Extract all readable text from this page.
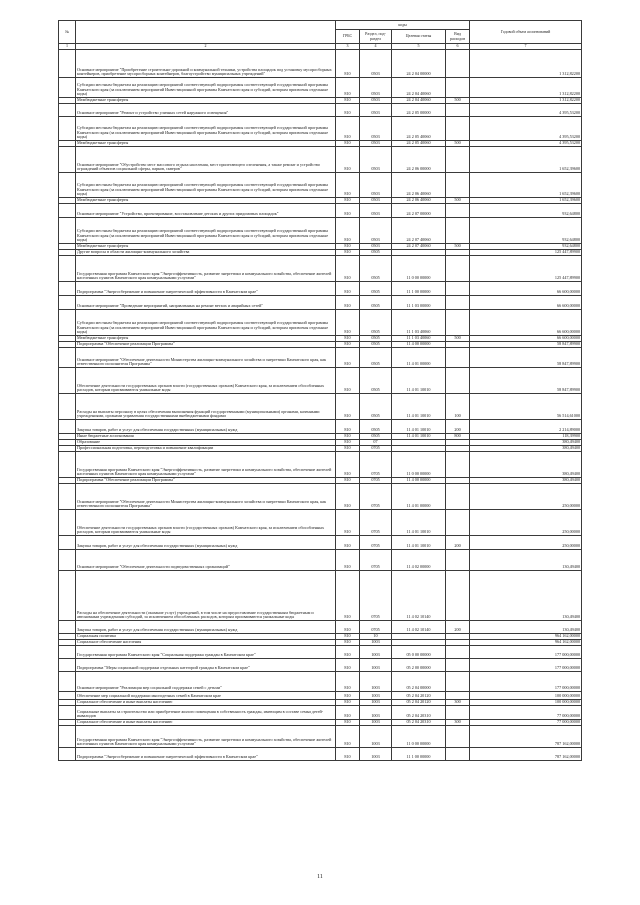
№		коды				Годовой объем ассигнований
		ГРБС	Раздел, под-раздел	Целевая статья	Вид расходов	
1	2	3	4	5	6	7
	Основное мероприятие "Приобретение строительно-дорожной и коммунальной техники, устройства площадок под установку мусоросборных контейнеров, приобретение мусоросборных контейнеров, благоустройство муниципальных учреждений"	810	0503	24 2 04 00000		1 312,82200
	Субсидии местным бюджетам на реализацию мероприятий соответствующей подпрограммы соответствующей государственной программы Камчатского края (за исключением мероприятий Инвестиционной программы Камчатского края и субсидий, которым присвоены отдельные коды)	810	0503	24 2 04 40060		1 312,82200
	Межбюджетные трансферты	810	0503	24 2 04 40060	500	1 312,82200
	Основное мероприятие "Ремонт и устройство уличных сетей наружного освещения"	810	0503	24 2 05 00000		4 395,53200
	Субсидии местным бюджетам на реализацию мероприятий соответствующей подпрограммы соответствующей государственной программы Камчатского края (за исключением мероприятий Инвестиционной программы Камчатского края и субсидий, которым присвоены отдельные коды)	810	0503	24 2 05 40060		4 395,53200
	Межбюджетные трансферты	810	0503	24 2 05 40060	500	4 395,53200
	Основное мероприятие "Обустройство мест массового отдыха населения, мест прилегающего озеленения, а также ремонт и устройство ограждений объектов социальной сферы, парков, скверов"	810	0503	24 2 06 00000		1 652,39600
	Субсидии местным бюджетам на реализацию мероприятий соответствующей подпрограммы соответствующей государственной программы Камчатского края (за исключением мероприятий Инвестиционной программы Камчатского края и субсидий, которым присвоены отдельные коды)	810	0503	24 2 06 40060		1 652,39600
	Межбюджетные трансферты	810	0503	24 2 06 40060	500	1 652,39600
	Основное мероприятие "Устройство, проектирование, восстановление детских и других придомовых площадок"	810	0503	24 2 07 00000		932,64800
	Субсидии местным бюджетам на реализацию мероприятий соответствующей подпрограммы соответствующей государственной программы Камчатского края (за исключением мероприятий Инвестиционной программы Камчатского края и субсидий, которым присвоены отдельные коды)	810	0503	24 2 07 40060		932,64800
	Межбюджетные трансферты	810	0503	24 2 07 40060	500	932,64800
	Другие вопросы в области жилищно-коммунального хозяйства	810	0505			125 447,89900
	Государственная программа Камчатского края "Энергоэффективность, развитие энергетики и коммунального хозяйства, обеспечение жителей населенных пунктов Камчатского края коммунальными услугами"	810	0505	11 0 00 00000		125 447,89900
	Подпрограмма "Энергосбережение и повышение энергетической эффективности в Камчатском крае"	810	0505	11 1 00 00000		66 600,00000
	Основное мероприятие "Проведение мероприятий, направленных на ремонт ветхих и аварийных сетей"	810	0505	11 1 03 00000		66 600,00000
	Субсидии местным бюджетам на реализацию мероприятий соответствующей подпрограммы соответствующей государственной программы Камчатского края (за исключением мероприятий Инвестиционной программы Камчатского края и субсидий, которым присвоены отдельные коды)	810	0505	11 1 03 40060		66 600,00000
	Межбюджетные трансферты	810	0505	11 1 03 40060	500	66 600,00000
	Подпрограмма "Обеспечение реализации Программы"	810	0505	11 4 00 00000		58 847,89900
	Основное мероприятие "Обеспечение деятельности Министерства жилищно-коммунального хозяйства и энергетики Камчатского края, как ответственного исполнителя Программы"	810	0505	11 4 01 00000		58 847,89900
	Обеспечение деятельности государственных органов власти (государственных органов) Камчатского края, за исключением обособленных расходов, которым присваиваются уникальные коды	810	0505	11 4 01 10010		58 847,89900
	Расходы на выплаты персоналу в целях обеспечения выполнения функций государственными (муниципальными) органами, казенными учреждениями, органами управления государственными внебюджетными фондами	810	0505	11 4 01 10010	100	56 514,61000
	Закупка товаров, работ и услуг для обеспечения государственных (муниципальных) нужд	810	0505	11 4 01 10010	200	2 214,89000
	Иные бюджетные ассигнования	810	0505	11 4 01 10010	800	118,39900
	Образование	810	07			380,49400
	Профессиональная подготовка, переподготовка и повышение квалификации	810	0705			380,49400
	Государственная программа Камчатского края "Энергоэффективность, развитие энергетики и коммунального хозяйства, обеспечение жителей населенных пунктов Камчатского края коммунальными услугами"	810	0705	11 0 00 00000		380,49400
	Подпрограмма "Обеспечение реализации Программы"	810	0705	11 4 00 00000		380,49400
	Основное мероприятие "Обеспечение деятельности Министерства жилищно-коммунального хозяйства и энергетики Камчатского края, как ответственного исполнителя Программы"	810	0705	11 4 01 00000		250,00000
	Обеспечение деятельности государственных органов власти (государственных органов) Камчатского края, за исключением обособленных расходов, которым присваиваются уникальные коды	810	0705	11 4 01 10010		250,00000
	Закупка товаров, работ и услуг для обеспечения государственных (муниципальных) нужд	810	0705	11 4 01 10010	200	250,00000
	Основное мероприятие "Обеспечение деятельности подведомственных организаций"	810	0705	11 4 02 00000		130,49400
	Расходы на обеспечение деятельности (оказание услуг) учреждений, в том числе на предоставление государственным бюджетным и автономным учреждениям субсидий, за исключением обособленных расходов, которым присваиваются уникальные коды	810	0705	11 4 02 10140		130,49400
	Закупка товаров, работ и услуг для обеспечения государственных (муниципальных) нужд	810	0705	11 4 02 10140	200	130,49400
	Социальная политика	810	10			964 162,00000
	Социальное обеспечение населения	810	1003			964 162,00000
	Государственная программа Камчатского края "Социальная поддержка граждан в Камчатском крае"	810	1003	05 0 00 00000		177 000,00000
	Подпрограмма "Меры социальной поддержки отдельных категорий граждан в Камчатском крае"	810	1003	05 2 00 00000		177 000,00000
	Основное мероприятие "Реализация мер социальной поддержки семей с детьми"	810	1003	05 2 04 00000		177 000,00000
	Обеспечение мер социальной поддержки многодетных семей в Камчатском крае	810	1003	05 2 04 20120		100 000,00000
	Социальное обеспечение и иные выплаты населению	810	1003	05 2 04 20120	300	100 000,00000
	Социальные выплаты за строительство или приобретение жилого помещения в собственность граждан, имеющим в составе семьи детей-инвалидов	810	1003	05 2 04 20310		77 000,00000
	Социальное обеспечение и иные выплаты населению	810	1003	05 2 04 20310	300	77 000,00000
	Государственная программа Камчатского края "Энергоэффективность, развитие энергетики и коммунального хозяйства, обеспечение жителей населенных пунктов Камчатского края коммунальными услугами"	810	1003	11 0 00 00000		787 162,00000
	Подпрограмма "Энергосбережение и повышение энергетической эффективности в Камчатском крае"	810	1003	11 1 00 00000		787 162,00000
11
